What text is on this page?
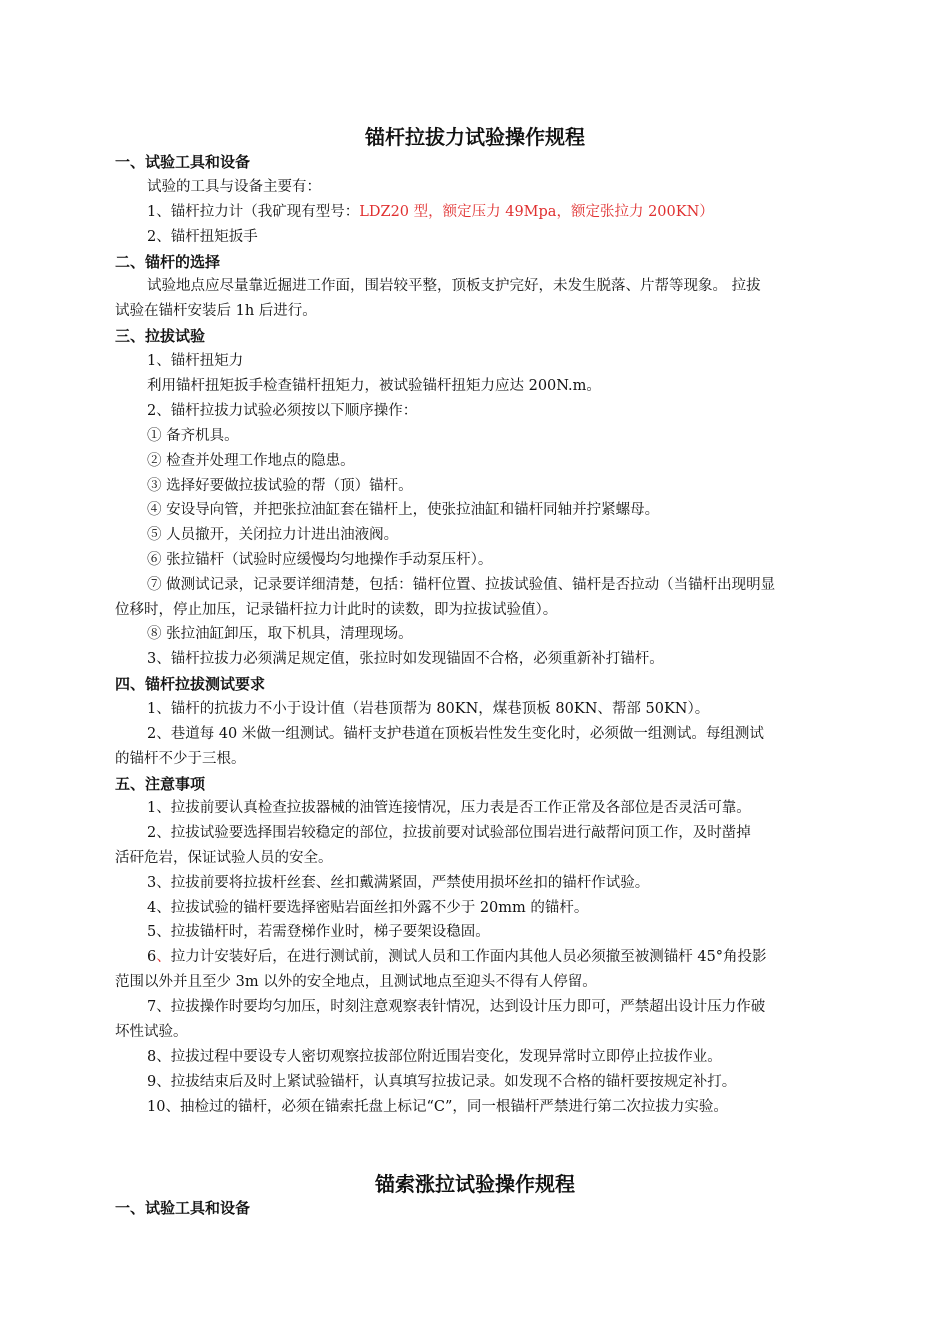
锚杆拉拔力试验操作规程
一、试验工具和设备
试验的工具与设备主要有：
1、锚杆拉力计（我矿现有型号：LDZ20 型，额定压力 49Mpa，额定张拉力 200KN）
2、锚杆扭矩扳手
二、锚杆的选择
试验地点应尽量靠近掘进工作面，围岩较平整，顶板支护完好，未发生脱落、片帮等现象。 拉拔
试验在锚杆安装后 1h 后进行。
三、拉拔试验
1、锚杆扭矩力
利用锚杆扭矩扳手检查锚杆扭矩力，被试验锚杆扭矩力应达 200N.m。
2、锚杆拉拔力试验必须按以下顺序操作：
① 备齐机具。
② 检查并处理工作地点的隐患。
③ 选择好要做拉拔试验的帮（顶）锚杆。
④ 安设导向管，并把张拉油缸套在锚杆上，使张拉油缸和锚杆同轴并拧紧螺母。
⑤ 人员撤开，关闭拉力计进出油液阀。
⑥ 张拉锚杆（试验时应缓慢均匀地操作手动泵压杆）。
⑦ 做测试记录，记录要详细清楚，包括：锚杆位置、拉拔试验值、锚杆是否拉动（当锚杆出现明显
位移时，停止加压，记录锚杆拉力计此时的读数，即为拉拔试验值）。
⑧ 张拉油缸卸压，取下机具，清理现场。
3、锚杆拉拔力必须满足规定值，张拉时如发现锚固不合格，必须重新补打锚杆。
四、锚杆拉拔测试要求
1、锚杆的抗拔力不小于设计值（岩巷顶帮为 80KN，煤巷顶板 80KN、帮部 50KN）。
2、巷道每 40 米做一组测试。锚杆支护巷道在顶板岩性发生变化时，必须做一组测试。每组测试
的锚杆不少于三根。
五、注意事项
1、拉拔前要认真检查拉拔器械的油管连接情况，压力表是否工作正常及各部位是否灵活可靠。
2、拉拔试验要选择围岩较稳定的部位，拉拔前要对试验部位围岩进行敲帮问顶工作，及时凿掉
活矸危岩，保证试验人员的安全。
3、拉拔前要将拉拔杆丝套、丝扣戴满紧固，严禁使用损坏丝扣的锚杆作试验。
4、拉拔试验的锚杆要选择密贴岩面丝扣外露不少于 20mm 的锚杆。
5、拉拔锚杆时，若需登梯作业时，梯子要架设稳固。
6、拉力计安装好后，在进行测试前，测试人员和工作面内其他人员必须撤至被测锚杆 45°角投影
范围以外并且至少 3m 以外的安全地点，且测试地点至迎头不得有人停留。
7、拉拔操作时要均匀加压，时刻注意观察表针情况，达到设计压力即可，严禁超出设计压力作破
坏性试验。
8、拉拔过程中要设专人密切观察拉拔部位附近围岩变化，发现异常时立即停止拉拔作业。
9、拉拔结束后及时上紧试验锚杆，认真填写拉拔记录。如发现不合格的锚杆要按规定补打。
10、抽检过的锚杆，必须在锚索托盘上标记“C”，同一根锚杆严禁进行第二次拉拔力实验。
锚索涨拉试验操作规程
一、试验工具和设备
